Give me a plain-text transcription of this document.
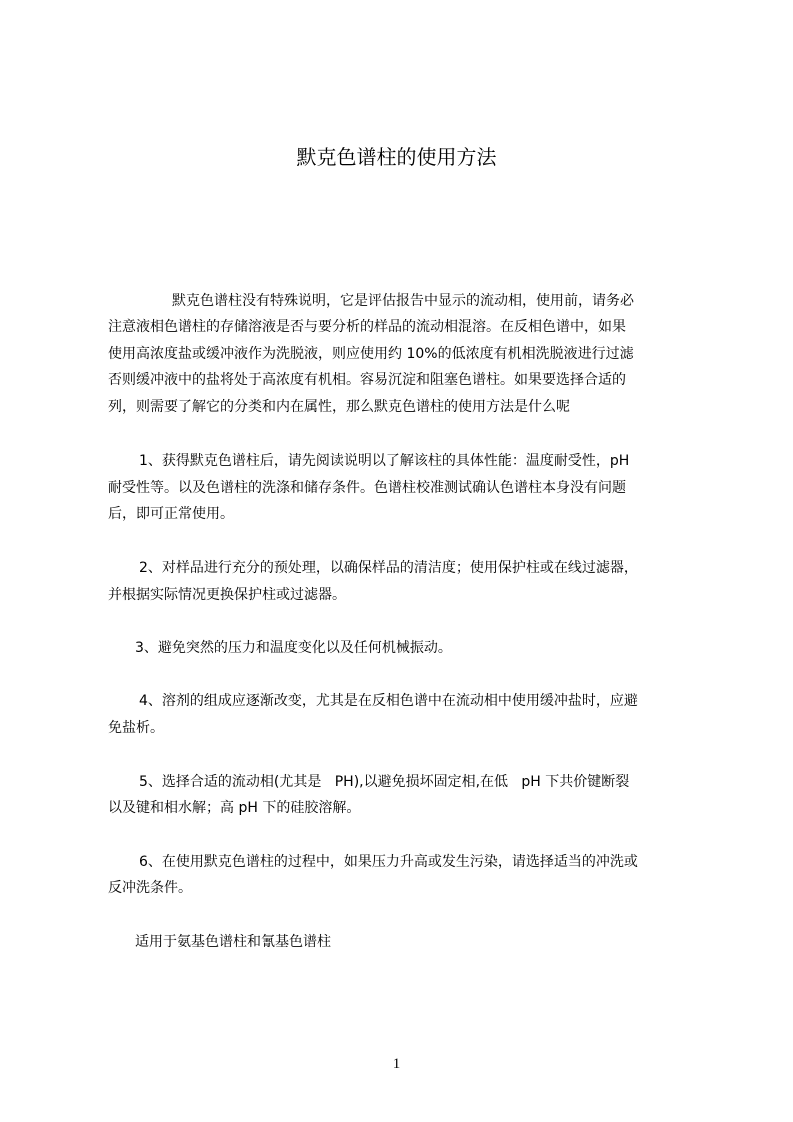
默克色谱柱的使用方法
默克色谱柱没有特殊说明，它是评估报告中显示的流动相，使用前，请务必
注意液相色谱柱的存储溶液是否与要分析的样品的流动相混溶。在反相色谱中，如果
使用高浓度盐或缓冲液作为洗脱液，则应使用约 10%的低浓度有机相洗脱液进行过滤
否则缓冲液中的盐将处于高浓度有机相。容易沉淀和阻塞色谱柱。如果要选择合适的
列，则需要了解它的分类和内在属性，那么默克色谱柱的使用方法是什么呢
1、获得默克色谱柱后，请先阅读说明以了解该柱的具体性能：温度耐受性，pH
耐受性等。以及色谱柱的洗涤和储存条件。色谱柱校准测试确认色谱柱本身没有问题
后，即可正常使用。
2、对样品进行充分的预处理，以确保样品的清洁度；使用保护柱或在线过滤器，
并根据实际情况更换保护柱或过滤器。
3、避免突然的压力和温度变化以及任何机械振动。
4、溶剂的组成应逐渐改变，尤其是在反相色谱中在流动相中使用缓冲盐时，应避
免盐析。
5、选择合适的流动相(尤其是   PH),以避免损坏固定相,在低   pH 下共价键断裂
以及键和相水解；高 pH 下的硅胶溶解。
6、在使用默克色谱柱的过程中，如果压力升高或发生污染，请选择适当的冲洗或
反冲洗条件。
适用于氨基色谱柱和氰基色谱柱
1
